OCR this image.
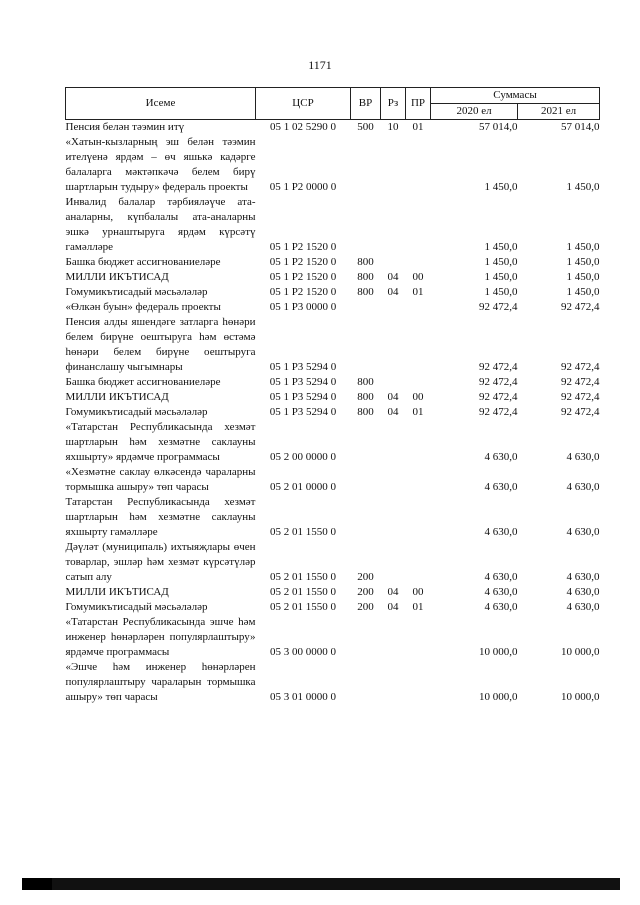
1171
Исеме	ЦСР	ВР	Рз	ПР	Суммасы	
					2020 ел	2021 ел
Пенсия белән тәэмин итү	05 1 02 5290 0	500	10	01	57 014,0	57 014,0
«Хатын-кызларның эш белән тәэмин ителүенә ярдәм – өч яшькә кадәрге балаларга мәктәпкәчә белем бирү шартларын тудыру» федераль проекты	05 1 P2 0000 0				1 450,0	1 450,0
Инвалид балалар тәрбияләүче ата-аналарны, күпбалалы ата-аналарны эшкә урнаштыруга ярдәм күрсәтү гамәлләре	05 1 P2 1520 0				1 450,0	1 450,0
Башка бюджет ассигнованиеләре	05 1 P2 1520 0	800			1 450,0	1 450,0
МИЛЛИ ИКЪТИСАД	05 1 P2 1520 0	800	04	00	1 450,0	1 450,0
Гомумикътисадый мәсьәләләр	05 1 P2 1520 0	800	04	01	1 450,0	1 450,0
«Өлкән буын» федераль проекты	05 1 P3 0000 0				92 472,4	92 472,4
Пенсия алды яшендәге затларга һөнәри белем бирүне оештыруга һәм өстәмә һөнәри белем бирүне оештыруга финанслашу чыгымнары	05 1 P3 5294 0				92 472,4	92 472,4
Башка бюджет ассигнованиеләре	05 1 P3 5294 0	800			92 472,4	92 472,4
МИЛЛИ ИКЪТИСАД	05 1 P3 5294 0	800	04	00	92 472,4	92 472,4
Гомумикътисадый мәсьәләләр	05 1 P3 5294 0	800	04	01	92 472,4	92 472,4
«Татарстан Республикасында хезмәт шартларын һәм хезмәтне саклауны яхшырту» ярдәмче программасы	05 2 00 0000 0				4 630,0	4 630,0
«Хезмәтне саклау өлкәсендә чараларны тормышка ашыру» төп чарасы	05 2 01 0000 0				4 630,0	4 630,0
Татарстан Республикасында хезмәт шартларын һәм хезмәтне саклауны яхшырту гамәлләре	05 2 01 1550 0				4 630,0	4 630,0
Дәүләт (муниципаль) ихтыяҗлары өчен товарлар, эшләр һәм хезмәт күрсәтүләр сатып алу	05 2 01 1550 0	200			4 630,0	4 630,0
МИЛЛИ ИКЪТИСАД	05 2 01 1550 0	200	04	00	4 630,0	4 630,0
Гомумикътисадый мәсьәләләр	05 2 01 1550 0	200	04	01	4 630,0	4 630,0
«Татарстан Республикасында эшче һәм инженер һөнәрләрен популярлаштыру» ярдәмче программасы	05 3 00 0000 0				10 000,0	10 000,0
«Эшче һәм инженер һөнәрләрен популярлаштыру чараларын тормышка ашыру» төп чарасы	05 3 01 0000 0				10 000,0	10 000,0
